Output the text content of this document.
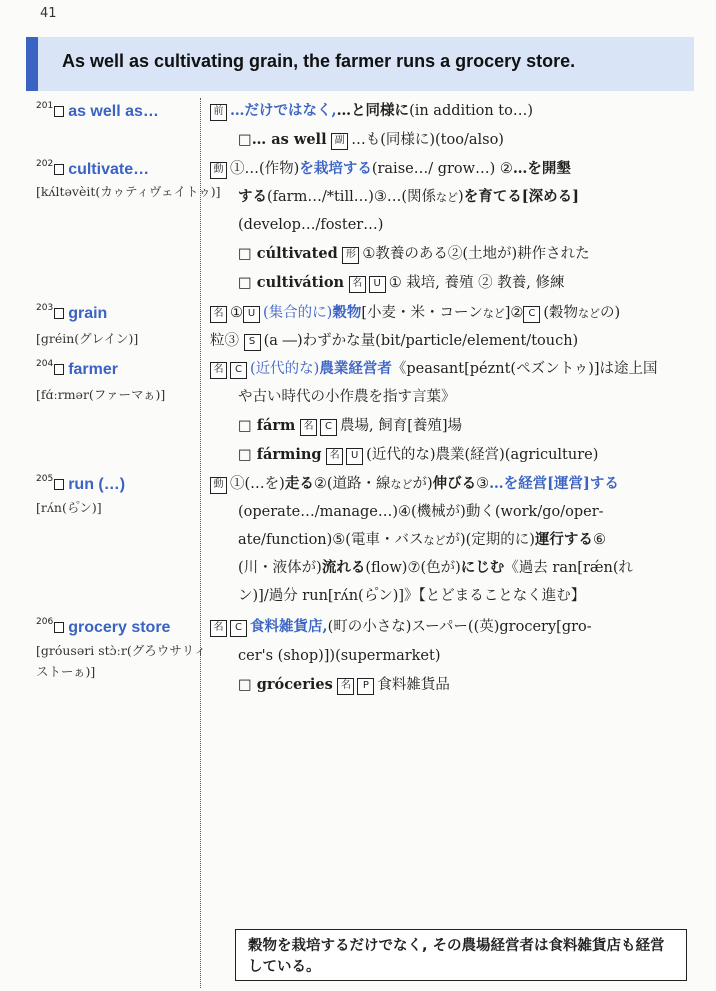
41
As well as cultivating grain, the farmer runs a grocery store.
$^{201}$ as well as…
$^{202}$ cultivate…
[kʌ́ltəvèit(カゥティヴェイトゥ)]
$^{203}$ grain
[gréin(グレイン)]
$^{204}$ farmer
[fɑ́ːrmər(ファーマぁ)]
$^{205}$ run (…)
[rʌ́n(ら゚ン)]
$^{206}$ grocery store
[gróusəri stɔ̀ːr(グろウサリィ
ストーぁ)]
前 …だけではなく,…と同様に(in addition to…)
□… as well 副 …も(同様に)(too/also)
動 ①…(作物)を栽培する(raise…/ grow…) ②…を開墾
する(farm…/*till…)③…(関係など)を育てる[深める]
(develop…/foster…)
□ cúltivated 形 ①教養のある②(土地が)耕作された
□ cultivátion 名 U ① 栽培, 養殖 ② 教養, 修練
名 ① U (集合的に)穀物[小麦・米・コーンなど]② C (穀物などの)
粒③ S (a ―)わずかな量(bit/particle/element/touch)
名 C (近代的な)農業経営者《peasant[péznt(ペズントゥ)]は途上国
や古い時代の小作農を指す言葉》
□ fárm 名 C 農場, 飼育[養殖]場
□ fárming 名 U (近代的な)農業(経営)(agriculture)
動 ①(…を)走る②(道路・線などが)伸びる③…を経営[運営]する
(operate…/manage…)④(機械が)動く(work/go/oper-
ate/function)⑤(電車・バスなどが)(定期的に)運行する⑥
(川・液体が)流れる(flow)⑦(色が)にじむ《過去 ran[rǽn(れ
ン)]/過分 run[rʌ́n(ら゚ン)]》【とどまることなく進む】
名 C 食料雑貨店,(町の小さな)スーパー((英)grocery[gro-
cer's (shop)])(supermarket)
□ gróceries 名 P 食料雑貨品
穀物を栽培するだけでなく, その農場経営者は食料雑貨店も経営している。
